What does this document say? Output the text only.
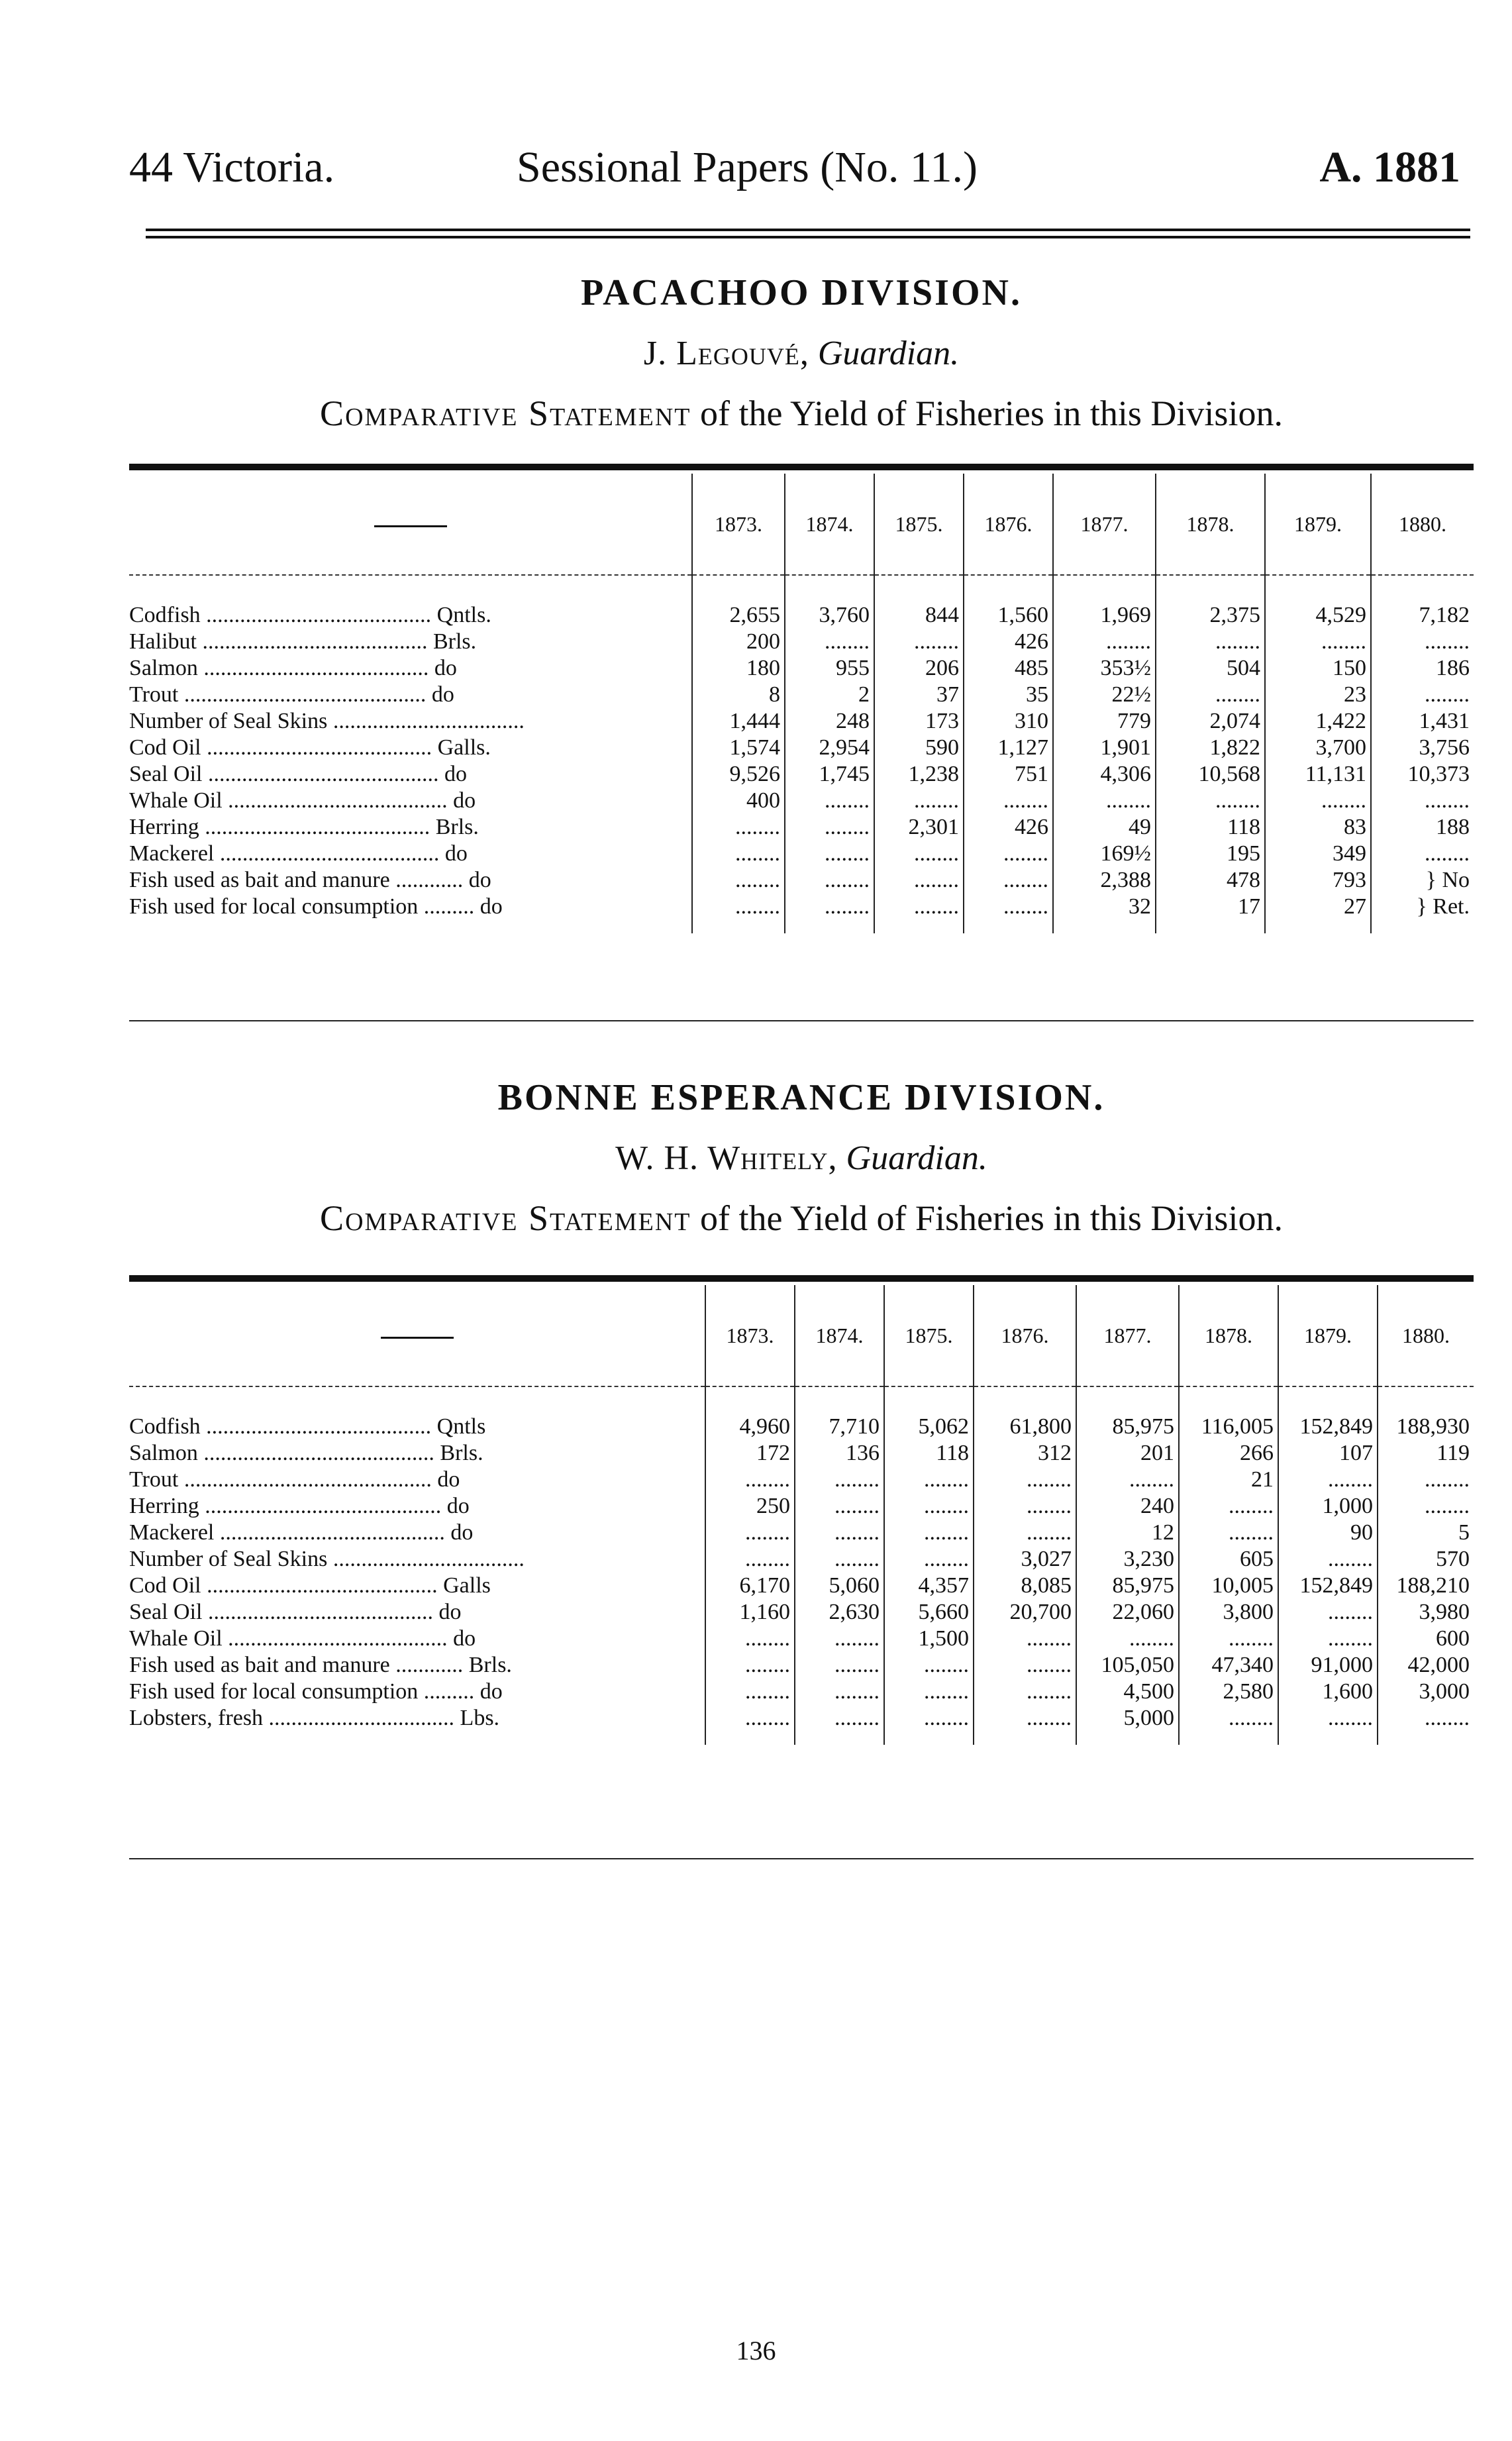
44 Victoria.	Sessional Papers (No. 11.)	A. 1881
PACACHOO DIVISION.
J. Legouvé, Guardian.
Comparative Statement of the Yield of Fisheries in this Division.
	1873.	1874.	1875.	1876.	1877.	1878.	1879.	1880.
Codfish ........................................ Qntls.	2,655	3,760	844	1,560	1,969	2,375	4,529	7,182
Halibut ........................................ Brls.	200	........	........	426	........	........	........	........
Salmon ........................................ do	180	955	206	485	353½	504	150	186
Trout ........................................... do	8	2	37	35	22½	........	23	........
Number of Seal Skins ..................................	1,444	248	173	310	779	2,074	1,422	1,431
Cod Oil ........................................ Galls.	1,574	2,954	590	1,127	1,901	1,822	3,700	3,756
Seal Oil ......................................... do	9,526	1,745	1,238	751	4,306	10,568	11,131	10,373
Whale Oil ....................................... do	400	........	........	........	........	........	........	........
Herring ........................................ Brls.	........	........	2,301	426	49	118	83	188
Mackerel ....................................... do	........	........	........	........	169½	195	349	........
Fish used as bait and manure ............ do	........	........	........	........	2,388	478	793	} No
Fish used for local consumption ......... do	........	........	........	........	32	17	27	} Ret.
BONNE ESPERANCE DIVISION.
W. H. Whitely, Guardian.
Comparative Statement of the Yield of Fisheries in this Division.
	1873.	1874.	1875.	1876.	1877.	1878.	1879.	1880.
Codfish ........................................ Qntls	4,960	7,710	5,062	61,800	85,975	116,005	152,849	188,930
Salmon ......................................... Brls.	172	136	118	312	201	266	107	119
Trout ............................................ do	........	........	........	........	........	21	........	........
Herring .......................................... do	250	........	........	........	240	........	1,000	........
Mackerel ........................................ do	........	........	........	........	12	........	90	5
Number of Seal Skins ..................................	........	........	........	3,027	3,230	605	........	570
Cod Oil ......................................... Galls	6,170	5,060	4,357	8,085	85,975	10,005	152,849	188,210
Seal Oil ........................................ do	1,160	2,630	5,660	20,700	22,060	3,800	........	3,980
Whale Oil ....................................... do	........	........	1,500	........	........	........	........	600
Fish used as bait and manure ............ Brls.	........	........	........	........	105,050	47,340	91,000	42,000
Fish used for local consumption ......... do	........	........	........	........	4,500	2,580	1,600	3,000
Lobsters, fresh ................................. Lbs.	........	........	........	........	5,000	........	........	........
136
